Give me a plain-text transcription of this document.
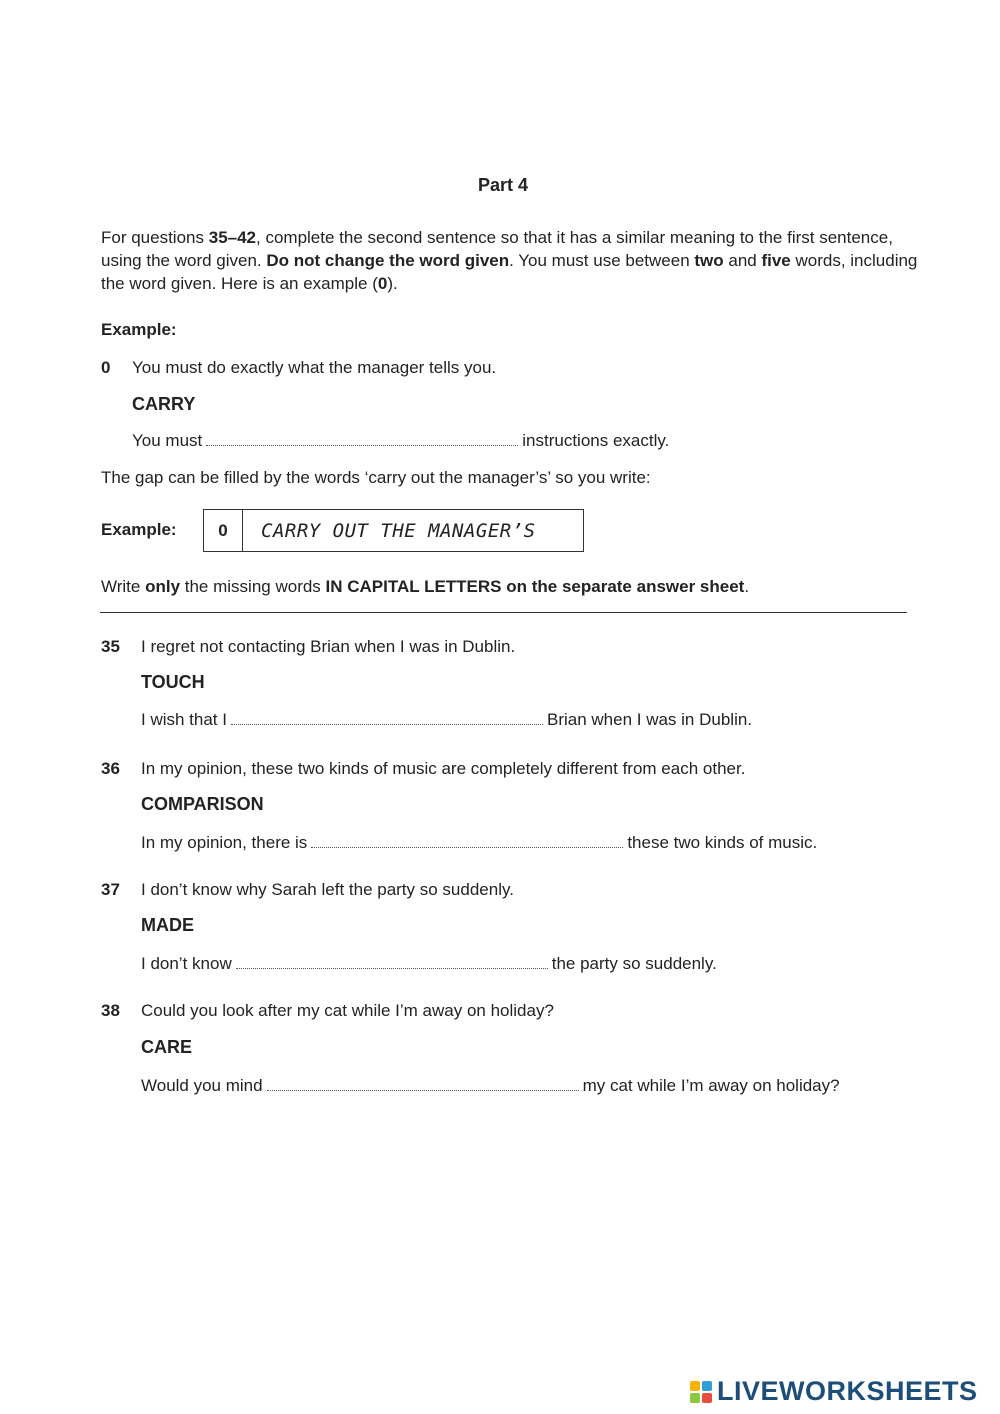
Part 4
For questions 35–42, complete the second sentence so that it has a similar meaning to the first sentence, using the word given. Do not change the word given. You must use between two and five words, including the word given. Here is an example (0).
Example:
0 You must do exactly what the manager tells you.
CARRY
You must	instructions exactly.
The gap can be filled by the words ‘carry out the manager’s’ so you write:
Example:	0	CARRY OUT THE MANAGER’S
Write only the missing words IN CAPITAL LETTERS on the separate answer sheet.
35 I regret not contacting Brian when I was in Dublin.
TOUCH
I wish that I	Brian when I was in Dublin.
36 In my opinion, these two kinds of music are completely different from each other.
COMPARISON
In my opinion, there is	these two kinds of music.
37 I don’t know why Sarah left the party so suddenly.
MADE
I don’t know	the party so suddenly.
38 Could you look after my cat while I’m away on holiday?
CARE
Would you mind	my cat while I’m away on holiday?
LIVEWORKSHEETS
